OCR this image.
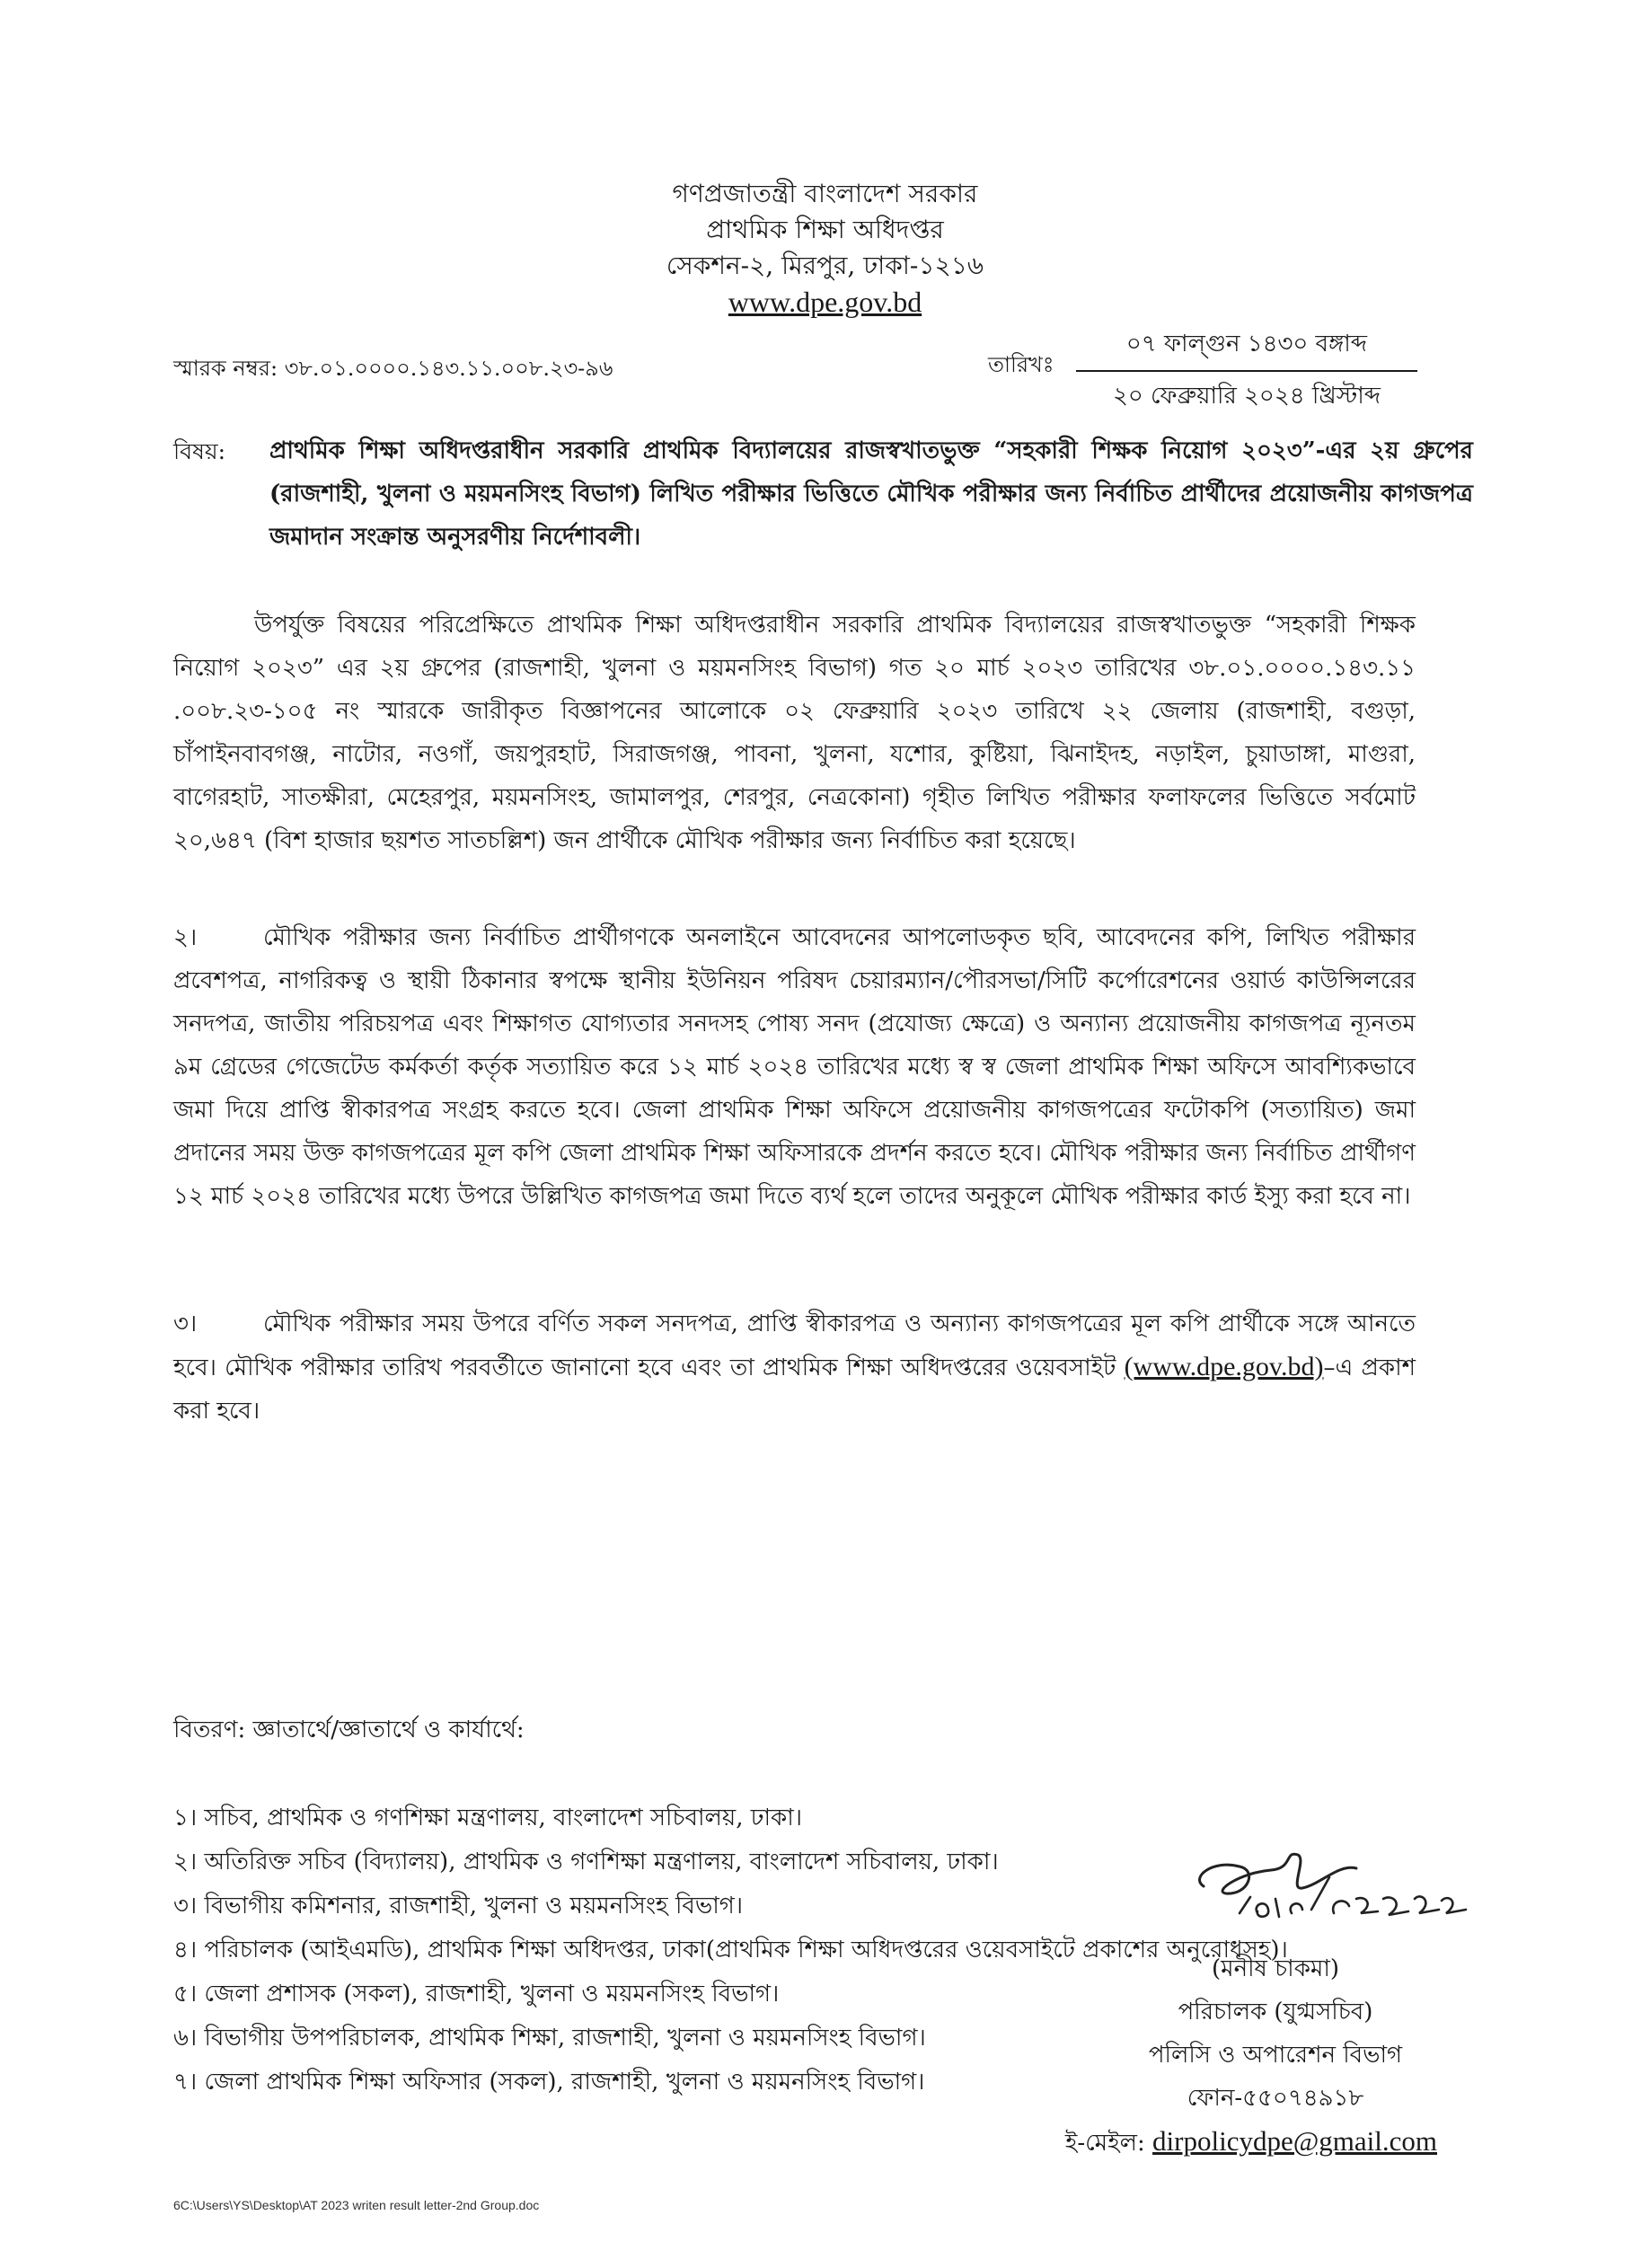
গণপ্রজাতন্ত্রী বাংলাদেশ সরকার
প্রাথমিক শিক্ষা অধিদপ্তর
সেকশন-২, মিরপুর, ঢাকা-১২১৬
www.dpe.gov.bd
স্মারক নম্বর: ৩৮.০১.০০০০.১৪৩.১১.০০৮.২৩-৯৬	তারিখঃ
০৭ ফাল্গুন ১৪৩০ বঙ্গাব্দ
২০ ফেব্রুয়ারি ২০২৪ খ্রিস্টাব্দ
বিষয়: প্রাথমিক শিক্ষা অধিদপ্তরাধীন সরকারি প্রাথমিক বিদ্যালয়ের রাজস্বখাতভুক্ত “সহকারী শিক্ষক নিয়োগ ২০২৩”-এর ২য় গ্রুপের (রাজশাহী, খুলনা ও ময়মনসিংহ বিভাগ) লিখিত পরীক্ষার ভিত্তিতে মৌখিক পরীক্ষার জন্য নির্বাচিত প্রার্থীদের প্রয়োজনীয় কাগজপত্র জমাদান সংক্রান্ত অনুসরণীয় নির্দেশাবলী।
উপর্যুক্ত বিষয়ের পরিপ্রেক্ষিতে প্রাথমিক শিক্ষা অধিদপ্তরাধীন সরকারি প্রাথমিক বিদ্যালয়ের রাজস্বখাতভুক্ত “সহকারী শিক্ষক নিয়োগ ২০২৩” এর ২য় গ্রুপের (রাজশাহী, খুলনা ও ময়মনসিংহ বিভাগ) গত ২০ মার্চ ২০২৩ তারিখের ৩৮.০১.০০০০.১৪৩.১১ .০০৮.২৩-১০৫ নং স্মারকে জারীকৃত বিজ্ঞাপনের আলোকে ০২ ফেব্রুয়ারি ২০২৩ তারিখে ২২ জেলায় (রাজশাহী, বগুড়া, চাঁপাইনবাবগঞ্জ, নাটোর, নওগাঁ, জয়পুরহাট, সিরাজগঞ্জ, পাবনা, খুলনা, যশোর, কুষ্টিয়া, ঝিনাইদহ, নড়াইল, চুয়াডাঙ্গা, মাগুরা, বাগেরহাট, সাতক্ষীরা, মেহেরপুর, ময়মনসিংহ, জামালপুর, শেরপুর, নেত্রকোনা) গৃহীত লিখিত পরীক্ষার ফলাফলের ভিত্তিতে সর্বমোট ২০,৬৪৭ (বিশ হাজার ছয়শত সাতচল্লিশ) জন প্রার্থীকে মৌখিক পরীক্ষার জন্য নির্বাচিত করা হয়েছে।
২।	মৌখিক পরীক্ষার জন্য নির্বাচিত প্রার্থীগণকে অনলাইনে আবেদনের আপলোডকৃত ছবি, আবেদনের কপি, লিখিত পরীক্ষার প্রবেশপত্র, নাগরিকত্ব ও স্থায়ী ঠিকানার স্বপক্ষে স্থানীয় ইউনিয়ন পরিষদ চেয়ারম্যান/পৌরসভা/সিটি কর্পোরেশনের ওয়ার্ড কাউন্সিলরের সনদপত্র, জাতীয় পরিচয়পত্র এবং শিক্ষাগত যোগ্যতার সনদসহ পোষ্য সনদ (প্রযোজ্য ক্ষেত্রে) ও অন্যান্য প্রয়োজনীয় কাগজপত্র ন্যূনতম ৯ম গ্রেডের গেজেটেড কর্মকর্তা কর্তৃক সত্যায়িত করে ১২ মার্চ ২০২৪ তারিখের মধ্যে স্ব স্ব জেলা প্রাথমিক শিক্ষা অফিসে আবশ্যিকভাবে জমা দিয়ে প্রাপ্তি স্বীকারপত্র সংগ্রহ করতে হবে। জেলা প্রাথমিক শিক্ষা অফিসে প্রয়োজনীয় কাগজপত্রের ফটোকপি (সত্যায়িত) জমা প্রদানের সময় উক্ত কাগজপত্রের মূল কপি জেলা প্রাথমিক শিক্ষা অফিসারকে প্রদর্শন করতে হবে। মৌখিক পরীক্ষার জন্য নির্বাচিত প্রার্থীগণ ১২ মার্চ ২০২৪ তারিখের মধ্যে উপরে উল্লিখিত কাগজপত্র জমা দিতে ব্যর্থ হলে তাদের অনুকূলে মৌখিক পরীক্ষার কার্ড ইস্যু করা হবে না।
৩।	মৌখিক পরীক্ষার সময় উপরে বর্ণিত সকল সনদপত্র, প্রাপ্তি স্বীকারপত্র ও অন্যান্য কাগজপত্রের মূল কপি প্রার্থীকে সঙ্গে আনতে হবে। মৌখিক পরীক্ষার তারিখ পরবর্তীতে জানানো হবে এবং তা প্রাথমিক শিক্ষা অধিদপ্তরের ওয়েবসাইট (www.dpe.gov.bd)–এ প্রকাশ করা হবে।
(মনীষ চাকমা)
পরিচালক (যুগ্মসচিব)
পলিসি ও অপারেশন বিভাগ
ফোন-৫৫০৭৪৯১৮
ই-মেইল: dirpolicydpe@gmail.com
বিতরণ: জ্ঞাতার্থে/জ্ঞাতার্থে ও কার্যার্থে:
১। সচিব, প্রাথমিক ও গণশিক্ষা মন্ত্রণালয়, বাংলাদেশ সচিবালয়, ঢাকা।
২। অতিরিক্ত সচিব (বিদ্যালয়), প্রাথমিক ও গণশিক্ষা মন্ত্রণালয়, বাংলাদেশ সচিবালয়, ঢাকা।
৩। বিভাগীয় কমিশনার, রাজশাহী, খুলনা ও ময়মনসিংহ বিভাগ।
৪। পরিচালক (আইএমডি), প্রাথমিক শিক্ষা অধিদপ্তর, ঢাকা(প্রাথমিক শিক্ষা অধিদপ্তরের ওয়েবসাইটে প্রকাশের অনুরোধসহ)।
৫। জেলা প্রশাসক (সকল), রাজশাহী, খুলনা ও ময়মনসিংহ বিভাগ।
৬। বিভাগীয় উপপরিচালক, প্রাথমিক শিক্ষা, রাজশাহী, খুলনা ও ময়মনসিংহ বিভাগ।
৭। জেলা প্রাথমিক শিক্ষা অফিসার (সকল), রাজশাহী, খুলনা ও ময়মনসিংহ বিভাগ।
6C:\Users\YS\Desktop\AT 2023 writen result letter-2nd Group.doc
